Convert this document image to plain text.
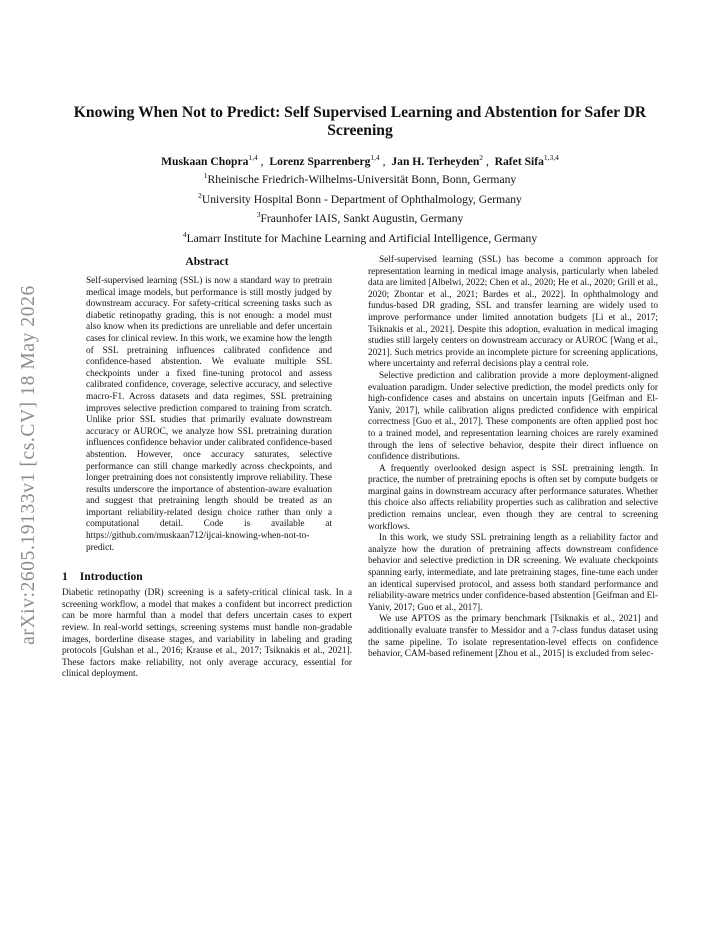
arXiv:2605.19133v1 [cs.CV] 18 May 2026
Knowing When Not to Predict: Self Supervised Learning and Abstention for Safer DR Screening
Muskaan Chopra$^{1,4}$ ,  Lorenz Sparrenberg$^{1,4}$ ,  Jan H. Terheyden$^2$ ,  Rafet Sifa$^{1,3,4}$
$^1$Rheinische Friedrich-Wilhelms-Universität Bonn, Bonn, Germany
$^2$University Hospital Bonn - Department of Ophthalmology, Germany
$^3$Fraunhofer IAIS, Sankt Augustin, Germany
$^4$Lamarr Institute for Machine Learning and Artificial Intelligence, Germany
Abstract
Self-supervised learning (SSL) is now a standard way to pretrain medical image models, but performance is still mostly judged by downstream accuracy. For safety-critical screening tasks such as diabetic retinopathy grading, this is not enough: a model must also know when its predictions are unreliable and defer uncertain cases for clinical review. In this work, we examine how the length of SSL pretraining influences calibrated confidence and confidence-based abstention. We evaluate multiple SSL checkpoints under a fixed fine-tuning protocol and assess calibrated confidence, coverage, selective accuracy, and selective macro-F1. Across datasets and data regimes, SSL pretraining improves selective prediction compared to training from scratch. Unlike prior SSL studies that primarily evaluate downstream accuracy or AUROC, we analyze how SSL pretraining duration influences confidence behavior under calibrated confidence-based abstention. However, once accuracy saturates, selective performance can still change markedly across checkpoints, and longer pretraining does not consistently improve reliability. These results underscore the importance of abstention-aware evaluation and suggest that pretraining length should be treated as an important reliability-related design choice rather than only a computational detail. Code is available at https://github.com/muskaan712/ijcai-knowing-when-not-to-predict.
1 Introduction

Diabetic retinopathy (DR) screening is a safety-critical clinical task. In a screening workflow, a model that makes a confident but incorrect prediction can be more harmful than a model that defers uncertain cases to expert review. In real-world settings, screening systems must handle non-gradable images, borderline disease stages, and variability in labeling and grading protocols [Gulshan et al., 2016; Krause et al., 2017; Tsiknakis et al., 2021]. These factors make reliability, not only average accuracy, essential for clinical deployment.

Self-supervised learning (SSL) has become a common approach for representation learning in medical image analysis, particularly when labeled data are limited [Albelwi, 2022; Chen et al., 2020; He et al., 2020; Grill et al., 2020; Zbontar et al., 2021; Bardes et al., 2022]. In ophthalmology and fundus-based DR grading, SSL and transfer learning are widely used to improve performance under limited annotation budgets [Li et al., 2017; Tsiknakis et al., 2021]. Despite this adoption, evaluation in medical imaging studies still largely centers on downstream accuracy or AUROC [Wang et al., 2021]. Such metrics provide an incomplete picture for screening applications, where uncertainty and referral decisions play a central role.

Selective prediction and calibration provide a more deployment-aligned evaluation paradigm. Under selective prediction, the model predicts only for high-confidence cases and abstains on uncertain inputs [Geifman and El-Yaniv, 2017], while calibration aligns predicted confidence with empirical correctness [Guo et al., 2017]. These components are often applied post hoc to a trained model, and representation learning choices are rarely examined through the lens of selective behavior, despite their direct influence on confidence distributions.

A frequently overlooked design aspect is SSL pretraining length. In practice, the number of pretraining epochs is often set by compute budgets or marginal gains in downstream accuracy after performance saturates. Whether this choice also affects reliability properties such as calibration and selective prediction remains unclear, even though they are central to screening workflows.

In this work, we study SSL pretraining length as a reliability factor and analyze how the duration of pretraining affects downstream confidence behavior and selective prediction in DR screening. We evaluate checkpoints spanning early, intermediate, and late pretraining stages, fine-tune each under an identical supervised protocol, and assess both standard performance and reliability-aware metrics under confidence-based abstention [Geifman and El-Yaniv, 2017; Guo et al., 2017].

We use APTOS as the primary benchmark [Tsiknakis et al., 2021] and additionally evaluate transfer to Messidor and a 7-class fundus dataset using the same pipeline. To isolate representation-level effects on confidence behavior, CAM-based refinement [Zhou et al., 2015] is excluded from selec-
